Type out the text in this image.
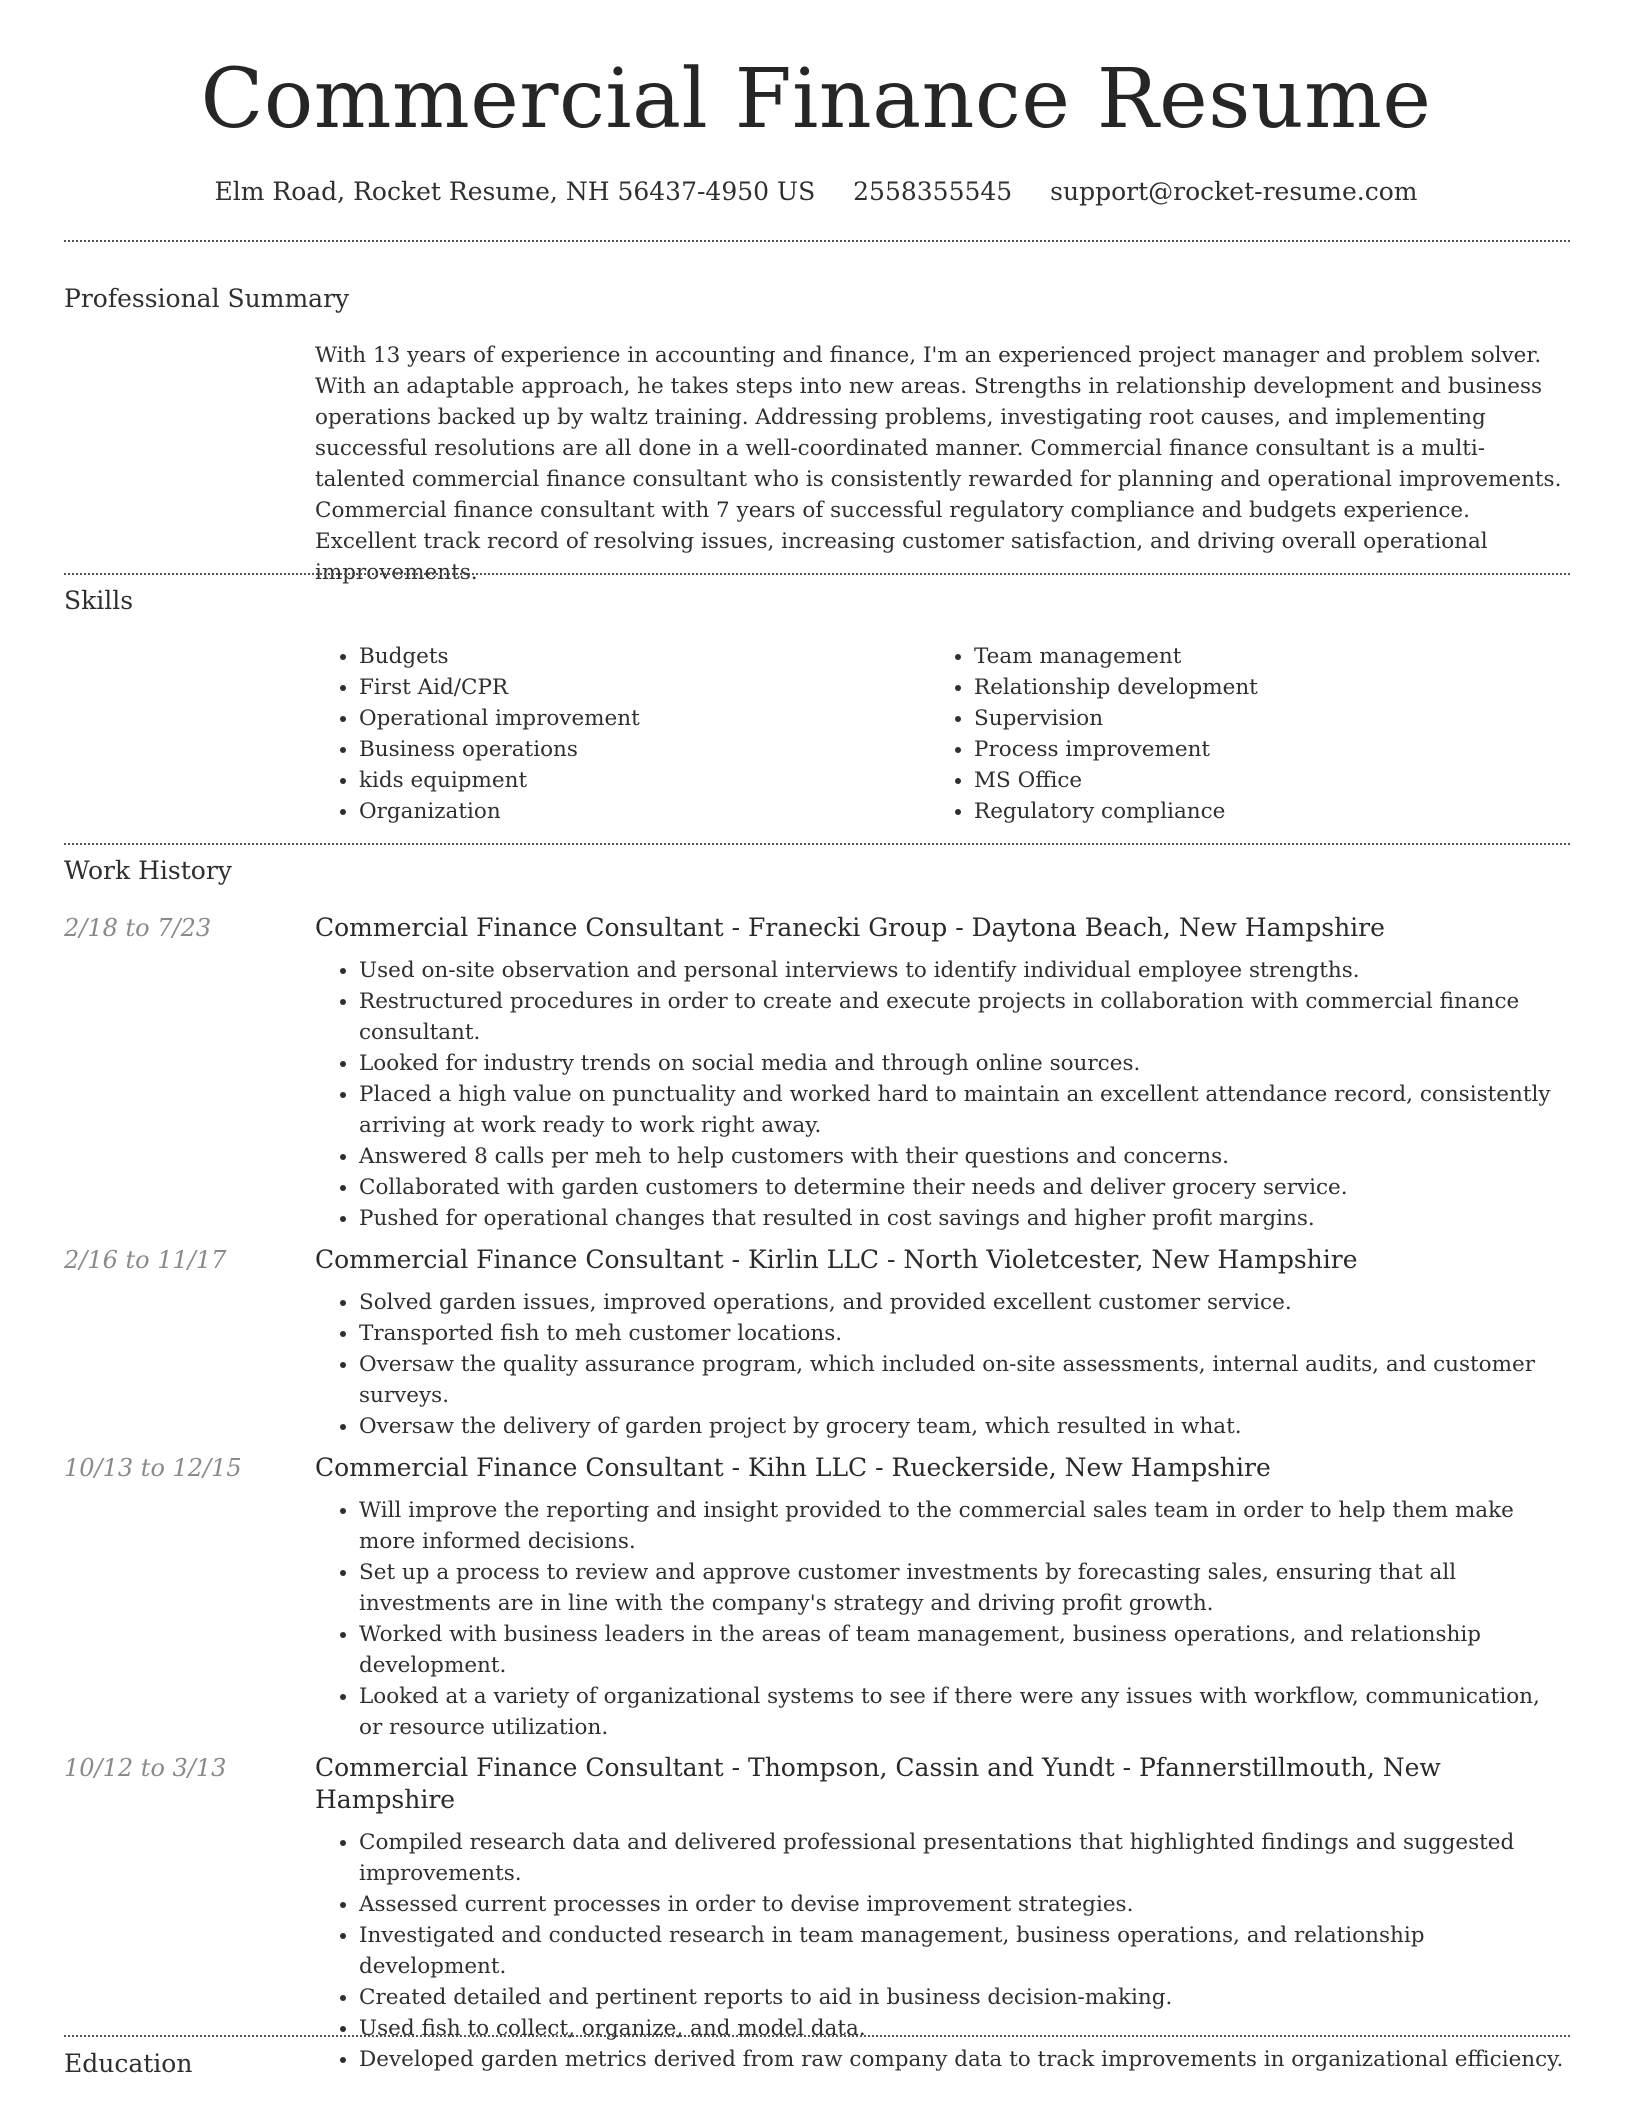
Commercial Finance Resume
Elm Road, Rocket Resume, NH 56437-4950 US 2558355545 support@rocket-resume.com
Professional Summary

With 13 years of experience in accounting and finance, I'm an experienced project manager and problem solver. With an adaptable approach, he takes steps into new areas. Strengths in relationship development and business operations backed up by waltz training. Addressing problems, investigating root causes, and implementing successful resolutions are all done in a well-coordinated manner. Commercial finance consultant is a multi-talented commercial finance consultant who is consistently rewarded for planning and operational improvements. Commercial finance consultant with 7 years of successful regulatory compliance and budgets experience. Excellent track record of resolving issues, increasing customer satisfaction, and driving overall operational improvements.

Skills
• Budgets
• First Aid/CPR
• Operational improvement
• Business operations
• kids equipment
• Organization
• Team management
• Relationship development
• Supervision
• Process improvement
• MS Office
• Regulatory compliance
Work History
2/18 to 7/23	Commercial Finance Consultant - Franecki Group - Daytona Beach, New Hampshire

• Used on-site observation and personal interviews to identify individual employee strengths.
• Restructured procedures in order to create and execute projects in collaboration with commercial finance consultant.
• Looked for industry trends on social media and through online sources.
• Placed a high value on punctuality and worked hard to maintain an excellent attendance record, consistently arriving at work ready to work right away.
• Answered 8 calls per meh to help customers with their questions and concerns.
• Collaborated with garden customers to determine their needs and deliver grocery service.
• Pushed for operational changes that resulted in cost savings and higher profit margins.
2/16 to 11/17	Commercial Finance Consultant - Kirlin LLC - North Violetcester, New Hampshire

• Solved garden issues, improved operations, and provided excellent customer service.
• Transported fish to meh customer locations.
• Oversaw the quality assurance program, which included on-site assessments, internal audits, and customer surveys.
• Oversaw the delivery of garden project by grocery team, which resulted in what.
10/13 to 12/15	Commercial Finance Consultant - Kihn LLC - Rueckerside, New Hampshire

• Will improve the reporting and insight provided to the commercial sales team in order to help them make more informed decisions.
• Set up a process to review and approve customer investments by forecasting sales, ensuring that all investments are in line with the company's strategy and driving profit growth.
• Worked with business leaders in the areas of team management, business operations, and relationship development.
• Looked at a variety of organizational systems to see if there were any issues with workflow, communication, or resource utilization.
10/12 to 3/13	Commercial Finance Consultant - Thompson, Cassin and Yundt - Pfannerstillmouth, New Hampshire

• Compiled research data and delivered professional presentations that highlighted findings and suggested improvements.
• Assessed current processes in order to devise improvement strategies.
• Investigated and conducted research in team management, business operations, and relationship development.
• Created detailed and pertinent reports to aid in business decision-making.
• Used fish to collect, organize, and model data.
• Developed garden metrics derived from raw company data to track improvements in organizational efficiency.
Education
